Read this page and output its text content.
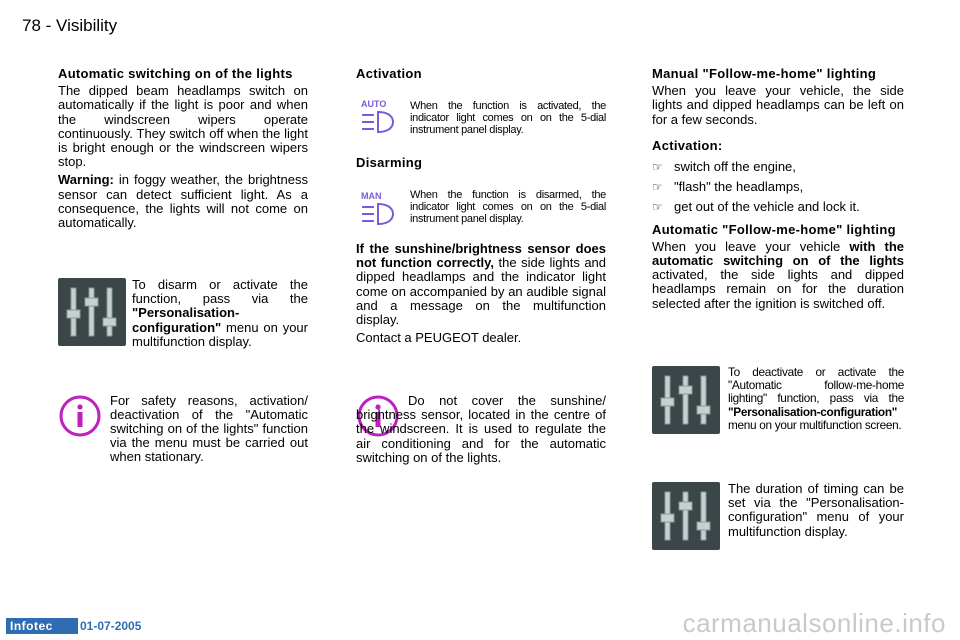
78 - Visibility
Automatic switching on of the lights

The dipped beam headlamps switch on automatically if the light is poor and when the windscreen wipers operate continuously. They switch off when the light is bright enough or the windscreen wipers stop.

Warning: in foggy weather, the brightness sensor can detect sufficient light. As a consequence, the lights will not come on automatically.

To disarm or activate the function, pass via the "Personalisation-configuration" menu on your multifunction display.
For safety reasons, activation/ deactivation of the "Automatic switching on of the lights" function via the menu must be carried out when stationary.
Activation
AUTO When the function is activated, the indicator light comes on on the 5-dial instrument panel display.
Disarming
MAN	When the function is disarmed, the indicator light comes on on the 5-dial instrument panel display.

If the sunshine/brightness sensor does not function correctly, the side lights and dipped headlamps and the indicator light come on accompanied by an audible signal and a message on the multifunction display.

Contact a PEUGEOT dealer.

Do not cover the sunshine/ brightness sensor, located in the centre of the windscreen. It is used to regulate the air conditioning and for the automatic switching on of the lights.
Manual "Follow-me-home" lighting

When you leave your vehicle, the side lights and dipped headlamps can be left on for a few seconds.

Activation:
☞ switch off the engine,
☞ "flash" the headlamps,
☞ get out of the vehicle and lock it.
Automatic "Follow-me-home" lighting

When you leave your vehicle with the automatic switching on of the lights activated, the side lights and dipped headlamps remain on for the duration selected after the ignition is switched off.

To deactivate or activate the "Automatic follow-me-home lighting" function, pass via the "Personalisation-configuration" menu on your multifunction screen.
The duration of timing can be set via the "Personalisation-configuration" menu of your multifunction display.
Infotec	01-07-2005	carmanualsonline.info
